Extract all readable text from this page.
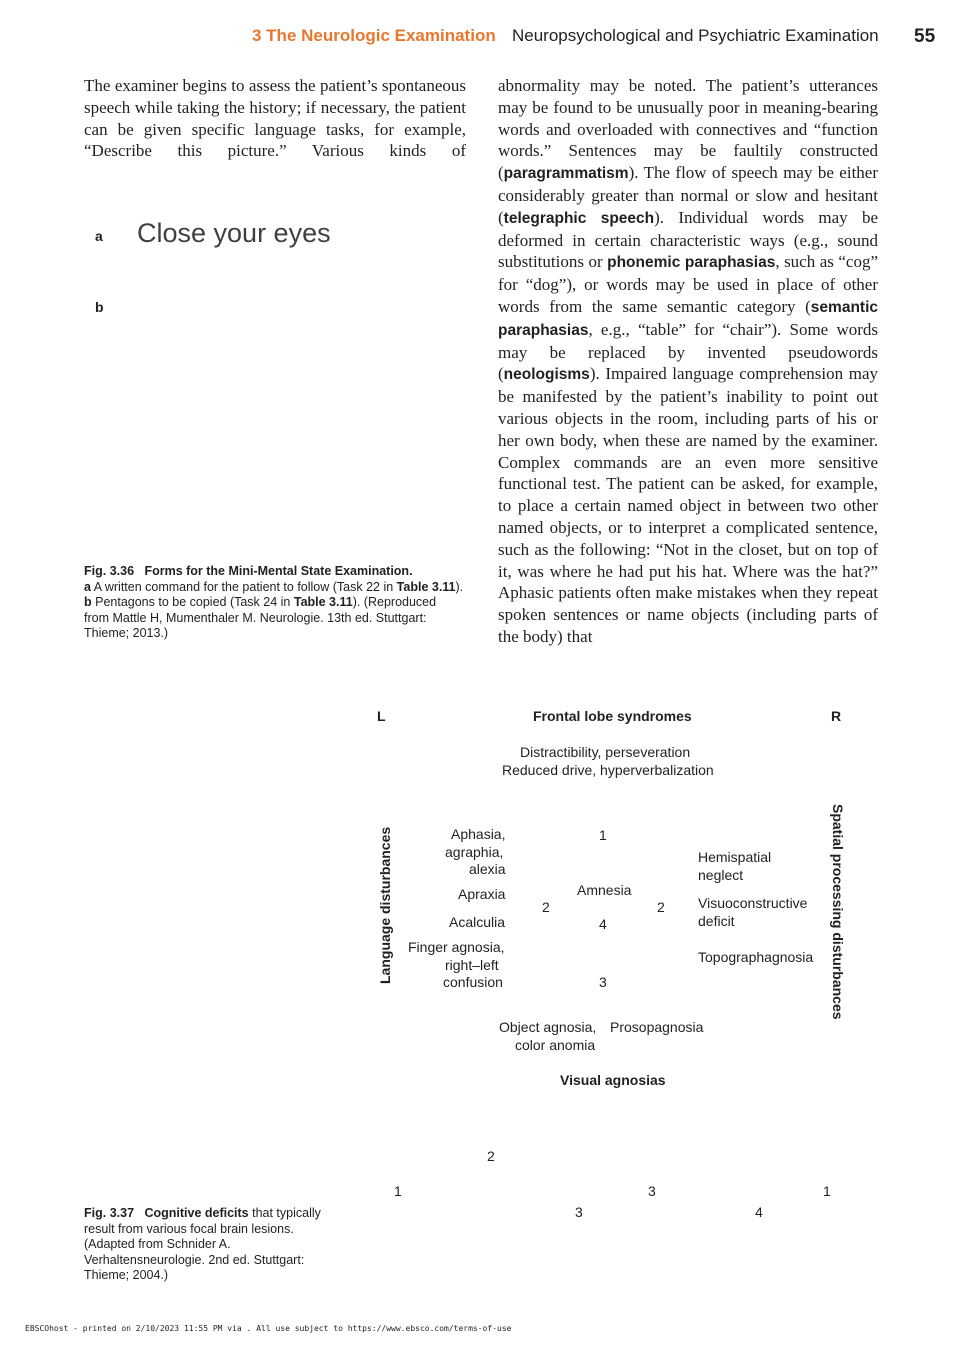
3 The Neurologic Examination Neuropsychological and Psychiatric Examination 55
The examiner begins to assess the patient’s spontaneous speech while taking the history; if necessary, the patient can be given specific language tasks, for example, “Describe this picture.” Various kinds of
abnormality may be noted. The patient’s utterances may be found to be unusually poor in meaning-bearing words and overloaded with connectives and “function words.” Sentences may be faultily constructed (paragrammatism). The flow of speech may be either considerably greater than normal or slow and hesitant (telegraphic speech). Individual words may be deformed in certain characteristic ways (e.g., sound substitutions or phonemic paraphasias, such as “cog” for “dog”), or words may be used in place of other words from the same semantic category (semantic paraphasias, e.g., “table” for “chair”). Some words may be replaced by invented pseudowords (neologisms). Impaired language comprehension may be manifested by the patient’s inability to point out various objects in the room, including parts of his or her own body, when these are named by the examiner. Complex commands are an even more sensitive functional test. The patient can be asked, for example, to place a certain named object in between two other named objects, or to interpret a complicated sentence, such as the following: “Not in the closet, but on top of it, was where he had put his hat. Where was the hat?” Aphasic patients often make mistakes when they repeat spoken sentences or name objects (including parts of the body) that
a Close your eyes
b
Fig. 3.36 Forms for the Mini-Mental State Examination.
a A written command for the patient to follow (Task 22 in Table 3.11). b Pentagons to be copied (Task 24 in Table 3.11). (Reproduced from Mattle H, Mumenthaler M. Neurologie. 13th ed. Stuttgart: Thieme; 2013.)
L	R
Frontal lobe syndromes
Distractibility, perseveration
Reduced drive, hyperverbalization
Language disturbances	Spatial processing disturbances
Aphasia,
agraphia,
alexia
Apraxia
Acalculia
Finger agnosia,
right–left
confusion
1
Amnesia
2	2
4
3
Hemispatial
neglect
Visuoconstructive
deficit
Topographagnosia
Object agnosia,
color anomia
Prosopagnosia
Visual agnosias
2
1	3	1
3	4
Fig. 3.37 Cognitive deficits that typically result from various focal brain lesions. (Adapted from Schnider A. Verhaltensneurologie. 2nd ed. Stuttgart: Thieme; 2004.)
EBSCOhost - printed on 2/10/2023 11:55 PM via . All use subject to https://www.ebsco.com/terms-of-use
